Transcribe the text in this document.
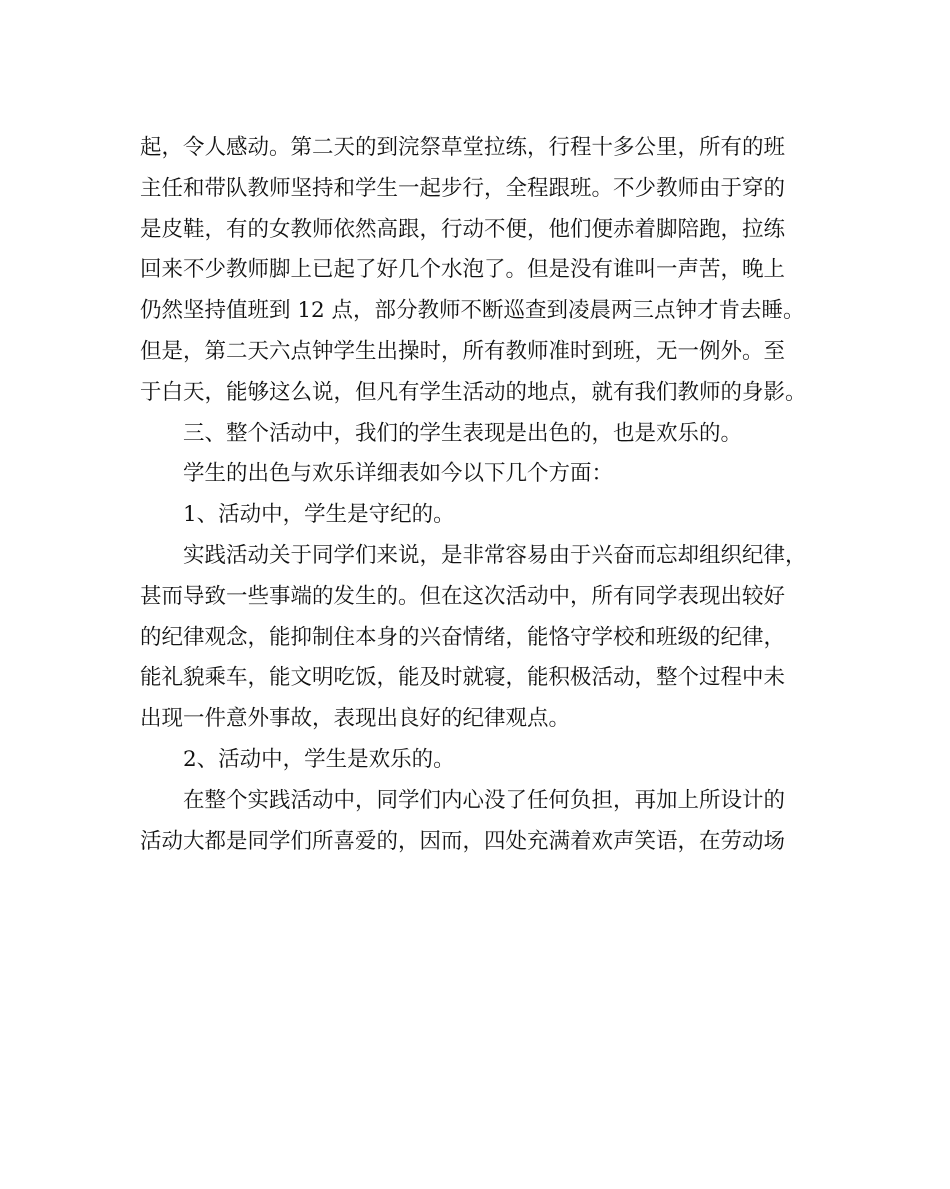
起，令人感动。第二天的到浣祭草堂拉练，行程十多公里，所有的班

主任和带队教师坚持和学生一起步行，全程跟班。不少教师由于穿的

是皮鞋，有的女教师依然高跟，行动不便，他们便赤着脚陪跑，拉练

回来不少教师脚上已起了好几个水泡了。但是没有谁叫一声苦，晚上

仍然坚持值班到 12 点，部分教师不断巡查到凌晨两三点钟才肯去睡。

但是，第二天六点钟学生出操时，所有教师准时到班，无一例外。至

于白天，能够这么说，但凡有学生活动的地点，就有我们教师的身影。

三、整个活动中，我们的学生表现是出色的，也是欢乐的。

学生的出色与欢乐详细表如今以下几个方面：

1、活动中，学生是守纪的。

实践活动关于同学们来说，是非常容易由于兴奋而忘却组织纪律，

甚而导致一些事端的发生的。但在这次活动中，所有同学表现出较好

的纪律观念，能抑制住本身的兴奋情绪，能恪守学校和班级的纪律，

能礼貌乘车，能文明吃饭，能及时就寝，能积极活动，整个过程中未

出现一件意外事故，表现出良好的纪律观点。

2、活动中，学生是欢乐的。

在整个实践活动中，同学们内心没了任何负担，再加上所设计的

活动大都是同学们所喜爱的，因而，四处充满着欢声笑语，在劳动场
